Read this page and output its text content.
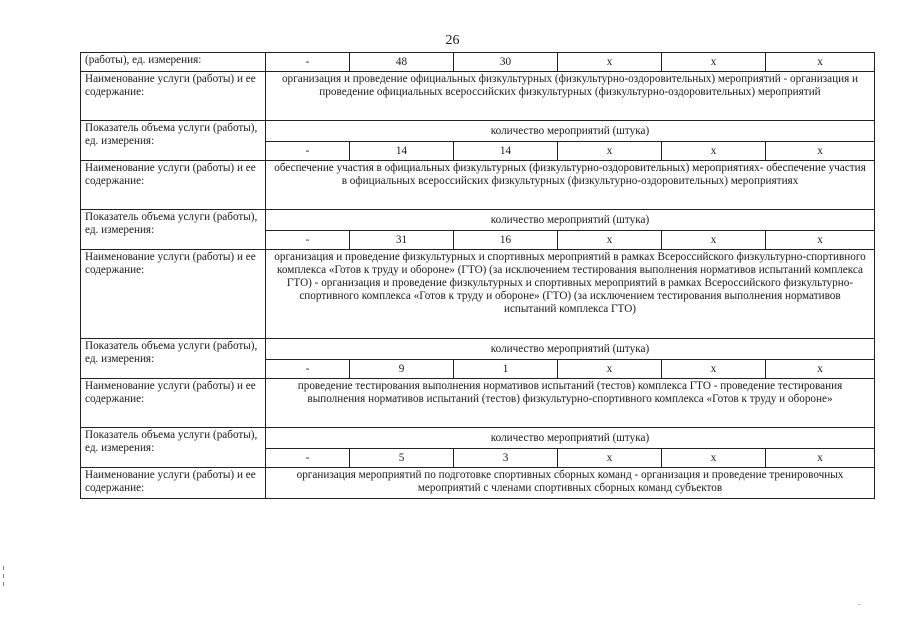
26
(работы), ед. измерения:	-	48	30	х	х	х
Наименование услуги (работы) и ее содержание:	организация и проведение официальных физкультурных (физкультурно-оздоровительных) мероприятий - организация и проведение официальных всероссийских физкультурных (физкультурно-оздоровительных) мероприятий					
Показатель объема услуги (работы), ед. измерения:	количество мероприятий (штука)					
	-	14	14	х	х	х
Наименование услуги (работы) и ее содержание:	обеспечение участия в официальных физкультурных (физкультурно-оздоровительных) мероприятиях- обеспечение участия в официальных всероссийских физкультурных (физкультурно-оздоровительных) мероприятиях					
Показатель объема услуги (работы), ед. измерения:	количество мероприятий (штука)					
	-	31	16	х	х	х
Наименование услуги (работы) и ее содержание:	организация и проведение физкультурных и спортивных мероприятий в рамках Всероссийского физкультурно-спортивного комплекса «Готов к труду и обороне» (ГТО) (за исключением тестирования выполнения нормативов испытаний комплекса ГТО) - организация и проведение физкультурных и спортивных мероприятий в рамках Всероссийского физкультурно-спортивного комплекса «Готов к труду и обороне» (ГТО) (за исключением тестирования выполнения нормативов испытаний комплекса ГТО)					
Показатель объема услуги (работы), ед. измерения:	количество мероприятий (штука)					
	-	9	1	х	х	х
Наименование услуги (работы) и ее содержание:	проведение тестирования выполнения нормативов испытаний (тестов) комплекса ГТО - проведение тестирования выполнения нормативов испытаний (тестов) физкультурно-спортивного комплекса «Готов к труду и обороне»					
Показатель объема услуги (работы), ед. измерения:	количество мероприятий (штука)					
	-	5	3	х	х	х
Наименование услуги (работы) и ее содержание:	организация мероприятий по подготовке спортивных сборных команд - организация и проведение тренировочных мероприятий с членами спортивных сборных команд субъектов					
